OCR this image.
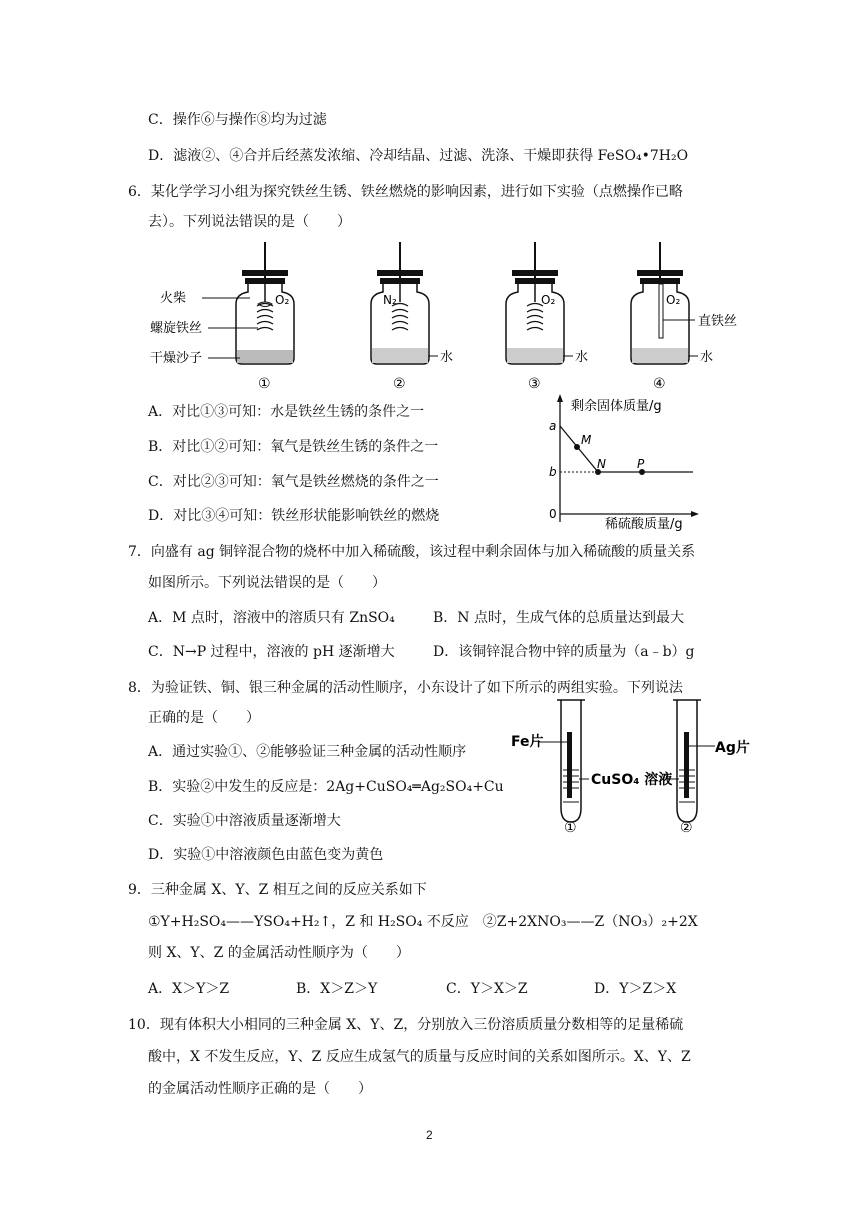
C．操作⑥与操作⑧均为过滤
D．滤液②、④合并后经蒸发浓缩、冷却结晶、过滤、洗涤、干燥即获得 FeSO₄•7H₂O
6．某化学学习小组为探究铁丝生锈、铁丝燃烧的影响因素，进行如下实验（点燃操作已略
去）。下列说法错误的是（　　）
O₂
火柴
螺旋铁丝
干燥沙子
①
N₂
水
②
O₂
水
③
O₂
直铁丝
水
④
A．对比①③可知：水是铁丝生锈的条件之一
B．对比①②可知：氧气是铁丝生锈的条件之一
C．对比②③可知：氧气是铁丝燃烧的条件之一
D．对比③④可知：铁丝形状能影响铁丝的燃烧
剩余固体质量/g
稀硫酸质量/g
0
a
b
M
N	P
7．向盛有 ag 铜锌混合物的烧杯中加入稀硫酸，该过程中剩余固体与加入稀硫酸的质量关系
如图所示。下列说法错误的是（　　）
A．M 点时，溶液中的溶质只有 ZnSO₄	B．N 点时，生成气体的总质量达到最大
C．N→P 过程中，溶液的 pH 逐渐增大	D．该铜锌混合物中锌的质量为（a﹣b）g
8．为验证铁、铜、银三种金属的活动性顺序，小东设计了如下所示的两组实验。下列说法
正确的是（　　）
A．通过实验①、②能够验证三种金属的活动性顺序
B．实验②中发生的反应是：2Ag+CuSO₄═Ag₂SO₄+Cu
C．实验①中溶液质量逐渐增大
D．实验①中溶液颜色由蓝色变为黄色
Fe片
①
Ag片
CuSO₄ 溶液
②
9．三种金属 X、Y、Z 相互之间的反应关系如下
①Y+H₂SO₄——YSO₄+H₂↑，Z 和 H₂SO₄ 不反应　②Z+2XNO₃——Z（NO₃）₂+2X
则 X、Y、Z 的金属活动性顺序为（　　）
A．X＞Y＞Z	B．X＞Z＞Y	C．Y＞X＞Z	D．Y＞Z＞X
10．现有体积大小相同的三种金属 X、Y、Z，分别放入三份溶质质量分数相等的足量稀硫
酸中，X 不发生反应，Y、Z 反应生成氢气的质量与反应时间的关系如图所示。X、Y、Z
的金属活动性顺序正确的是（　　）
2
